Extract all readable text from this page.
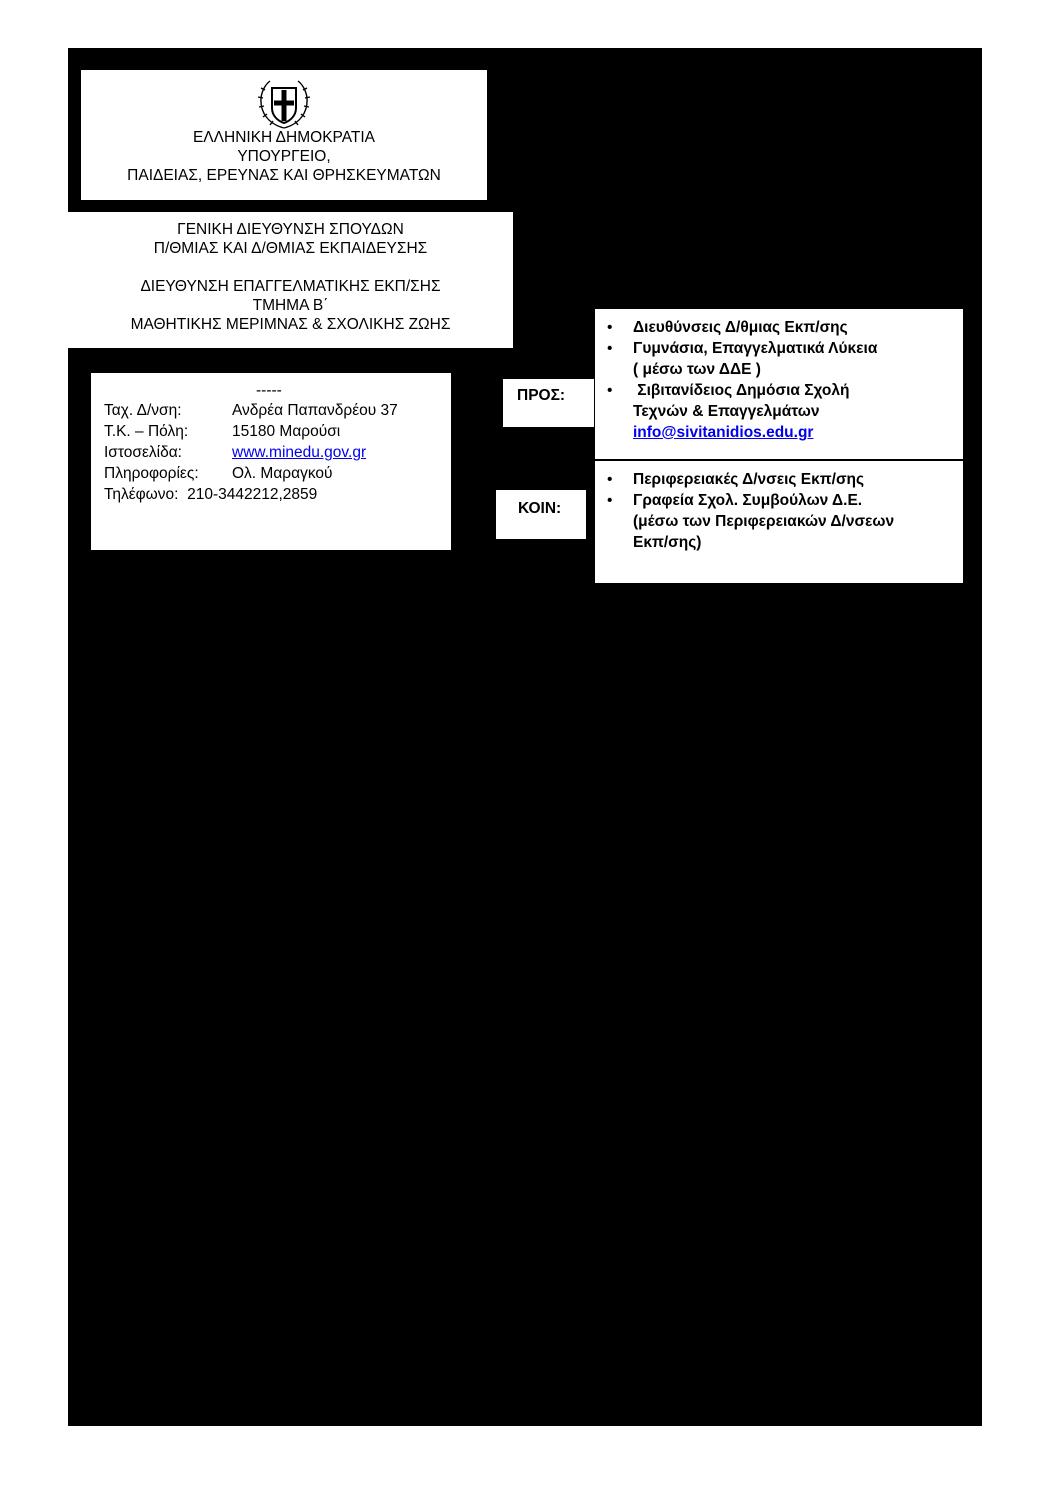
ΕΛΛΗΝΙΚΗ ΔΗΜΟΚΡΑΤΙΑ
ΥΠΟΥΡΓΕΙΟ,
ΠΑΙΔΕΙΑΣ, ΕΡΕΥΝΑΣ ΚΑΙ ΘΡΗΣΚΕΥΜΑΤΩΝ
ΓΕΝΙΚΗ ΔΙΕΥΘΥΝΣΗ ΣΠΟΥΔΩΝ
Π/ΘΜΙΑΣ ΚΑΙ Δ/ΘΜΙΑΣ ΕΚΠΑΙΔΕΥΣΗΣ
ΔΙΕΥΘΥΝΣΗ ΕΠΑΓΓΕΛΜΑΤΙΚΗΣ ΕΚΠ/ΣΗΣ
ΤΜΗΜΑ Β΄
ΜΑΘΗΤΙΚΗΣ ΜΕΡΙΜΝΑΣ & ΣΧΟΛΙΚΗΣ ΖΩΗΣ
-----
Ταχ. Δ/νση:	Ανδρέα Παπανδρέου 37
Τ.Κ. – Πόλη:	15180 Μαρούσι
Ιστοσελίδα:	www.minedu.gov.gr
Πληροφορίες: Ολ. Μαραγκού
Τηλέφωνο: 210-3442212,2859
ΠΡΟΣ:
ΚΟΙΝ:
• Διευθύνσεις Δ/θμιας Εκπ/σης
• Γυμνάσια, Επαγγελματικά Λύκεια
( μέσω των ΔΔΕ )
• Σιβιτανίδειος Δημόσια Σχολή
Τεχνών & Επαγγελμάτων
info@sivitanidios.edu.gr
• Περιφερειακές Δ/νσεις Εκπ/σης
• Γραφεία Σχολ. Συμβούλων Δ.Ε.
(μέσω των Περιφερειακών Δ/νσεων
Εκπ/σης)
